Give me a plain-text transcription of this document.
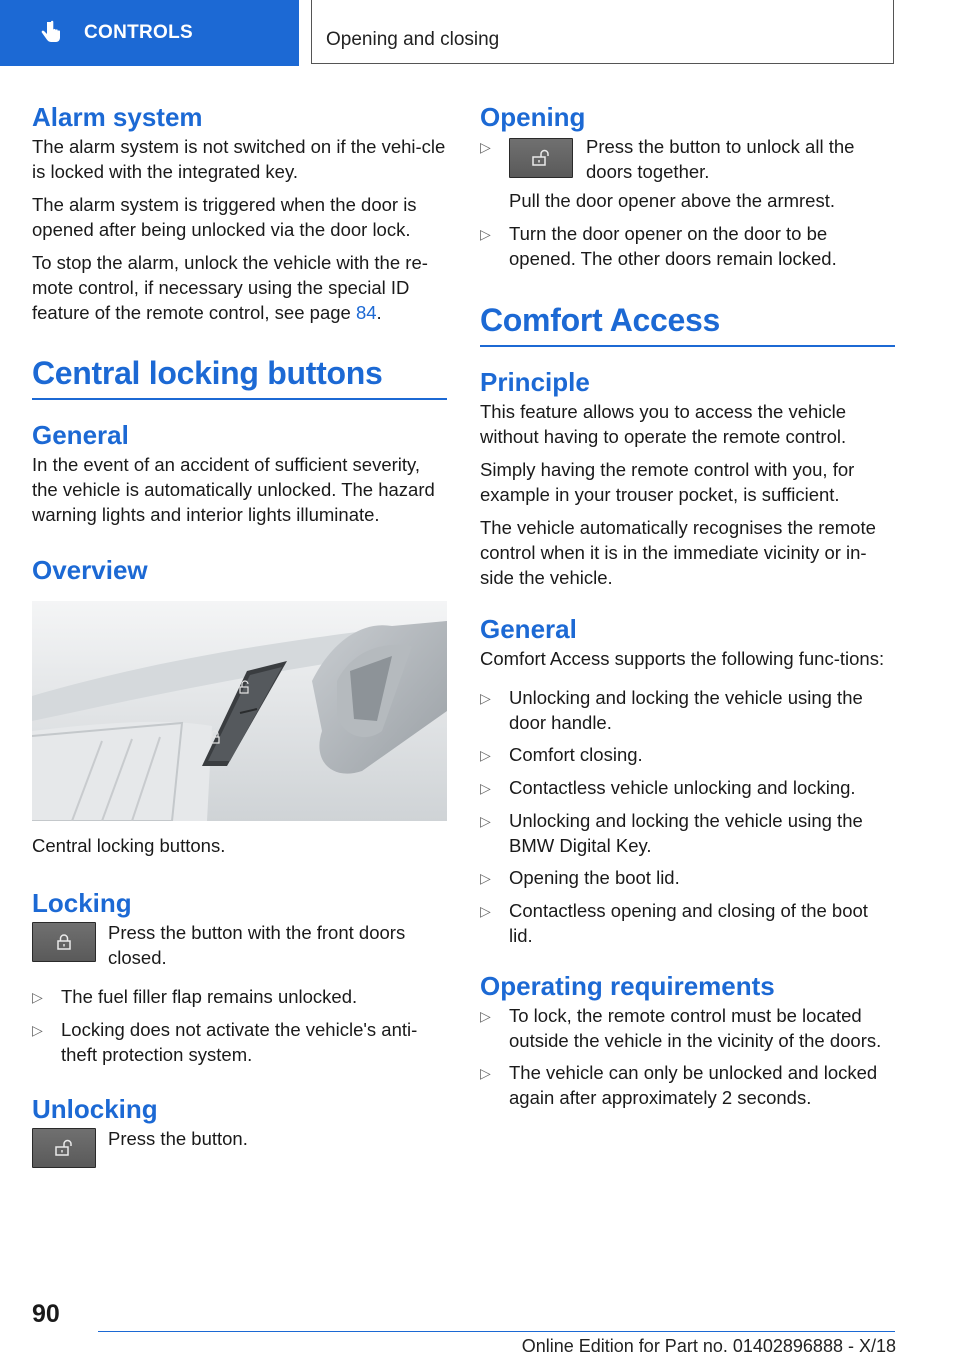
CONTROLS	Opening and closing
Alarm system

The alarm system is not switched on if the vehi‐cle is locked with the integrated key.

The alarm system is triggered when the door is opened after being unlocked via the door lock.

To stop the alarm, unlock the vehicle with the re‐mote control, if necessary using the special ID feature of the remote control, see page 84.

Central locking buttons
General

In the event of an accident of sufficient severity, the vehicle is automatically unlocked. The hazard warning lights and interior lights illuminate.

Overview

Central locking buttons.

Locking
Press the button with the front doors closed.
▷ The fuel filler flap remains unlocked.
▷ Locking does not activate the vehicle's anti‐theft protection system.
Unlocking
Press the button.
Opening
▷	Press the button to unlock all the doors together.

Pull the door opener above the armrest.

▷ Turn the door opener on the door to be opened. The other doors remain locked.
Comfort Access
Principle

This feature allows you to access the vehicle without having to operate the remote control.

Simply having the remote control with you, for example in your trouser pocket, is sufficient.

The vehicle automatically recognises the remote control when it is in the immediate vicinity or in‐side the vehicle.

General

Comfort Access supports the following func‐tions:

▷ Unlocking and locking the vehicle using the door handle.
▷ Comfort closing.
▷ Contactless vehicle unlocking and locking.
▷ Unlocking and locking the vehicle using the BMW Digital Key.
▷ Opening the boot lid.
▷ Contactless opening and closing of the boot lid.
Operating requirements
▷ To lock, the remote control must be located outside the vehicle in the vicinity of the doors.
▷ The vehicle can only be unlocked and locked again after approximately 2 seconds.
90
Online Edition for Part no. 01402896888 - X/18
